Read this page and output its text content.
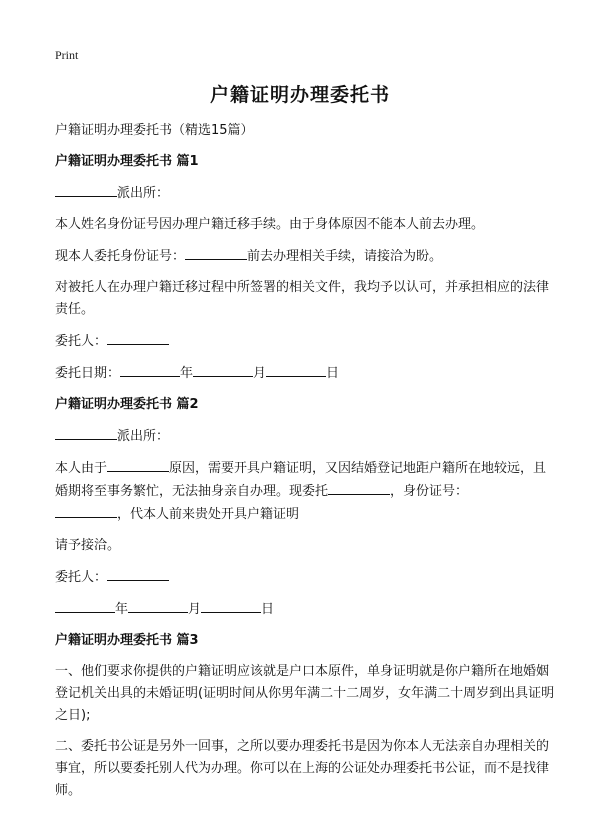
Print
户籍证明办理委托书

户籍证明办理委托书（精选15篇）

户籍证明办理委托书 篇1

派出所：

本人姓名身份证号因办理户籍迁移手续。由于身体原因不能本人前去办理。

现本人委托身份证号：	前去办理相关手续，请接洽为盼。

对被托人在办理户籍迁移过程中所签署的相关文件，我均予以认可，并承担相应的法律责任。

委托人：

委托日期：	年	月	日

户籍证明办理委托书 篇2

派出所：

本人由于	原因，需要开具户籍证明，又因结婚登记地距户籍所在地较远，且婚期将至事务繁忙，无法抽身亲自办理。现委托	，身份证号：
，代本人前来贵处开具户籍证明

请予接洽。

委托人：

年	月	日

户籍证明办理委托书 篇3

一、他们要求你提供的户籍证明应该就是户口本原件，单身证明就是你户籍所在地婚姻登记机关出具的未婚证明(证明时间从你男年满二十二周岁，女年满二十周岁到出具证明之日);

二、委托书公证是另外一回事，之所以要办理委托书是因为你本人无法亲自办理相关的事宜，所以要委托别人代为办理。你可以在上海的公证处办理委托书公证，而不是找律师。
